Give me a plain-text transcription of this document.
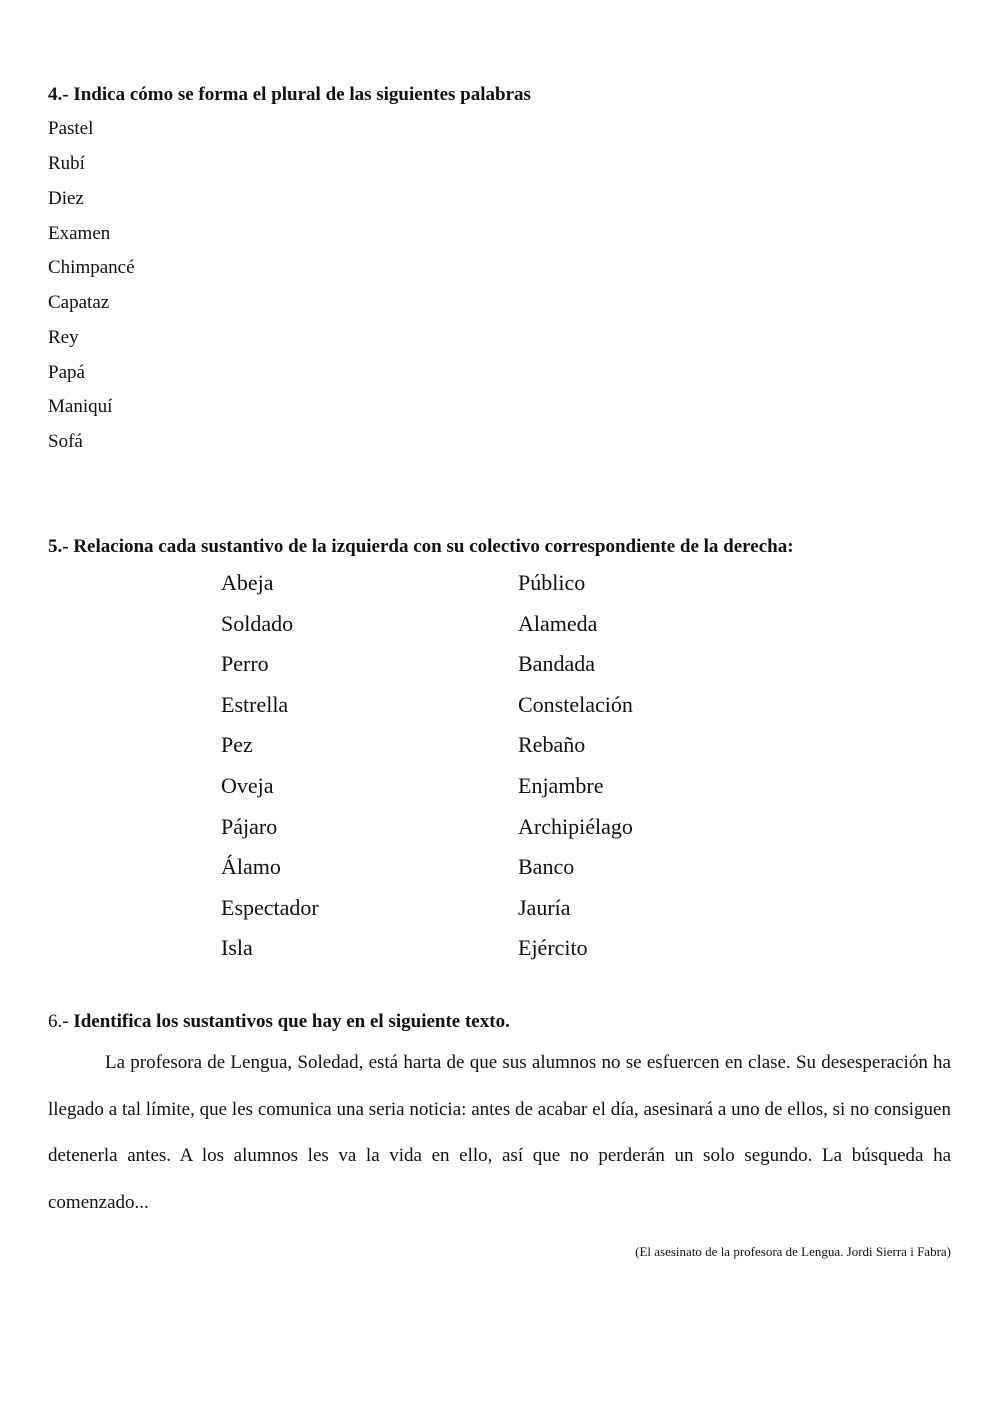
4.- Indica cómo se forma el plural de las siguientes palabras
Pastel
Rubí
Diez
Examen
Chimpancé
Capataz
Rey
Papá
Maniquí
Sofá
5.- Relaciona cada sustantivo de la izquierda con su colectivo correspondiente de la derecha:
Abeja
Soldado
Perro
Estrella
Pez
Oveja
Pájaro
Álamo
Espectador
Isla
Público
Alameda
Bandada
Constelación
Rebaño
Enjambre
Archipiélago
Banco
Jauría
Ejército
6.- Identifica los sustantivos que hay en el siguiente texto.
La profesora de Lengua, Soledad, está harta de que sus alumnos no se esfuercen en clase. Su desesperación ha llegado a tal límite, que les comunica una seria noticia: antes de acabar el día, asesinará a uno de ellos, si no consiguen detenerla antes. A los alumnos les va la vida en ello, así que no perderán un solo segundo. La búsqueda ha comenzado...
(El asesinato de la profesora de Lengua. Jordi Sierra i Fabra)
